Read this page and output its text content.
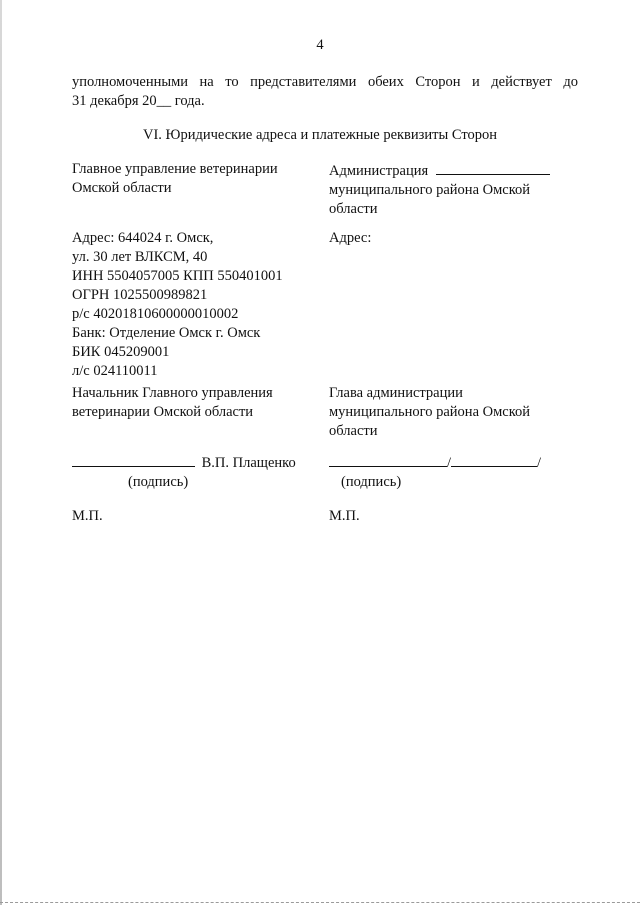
4
уполномоченными на то представителями обеих Сторон и действует до
31 декабря 20__ года.
VI. Юридические адреса и платежные реквизиты Сторон
Главное управление ветеринарии
Омской области
Администрация
муниципального района Омской
области
Адрес: 644024 г. Омск,
ул. 30 лет ВЛКСМ, 40
ИНН 5504057005 КПП 550401001
ОГРН 1025500989821
р/с 40201810600000010002
Банк: Отделение Омск г. Омск
БИК 045209001
л/с 024110011
Адрес:
Начальник Главного управления
ветеринарии Омской области
Глава администрации
муниципального района Омской
области
В.П. Плащенко
(подпись)
/	/
(подпись)
М.П.	М.П.
